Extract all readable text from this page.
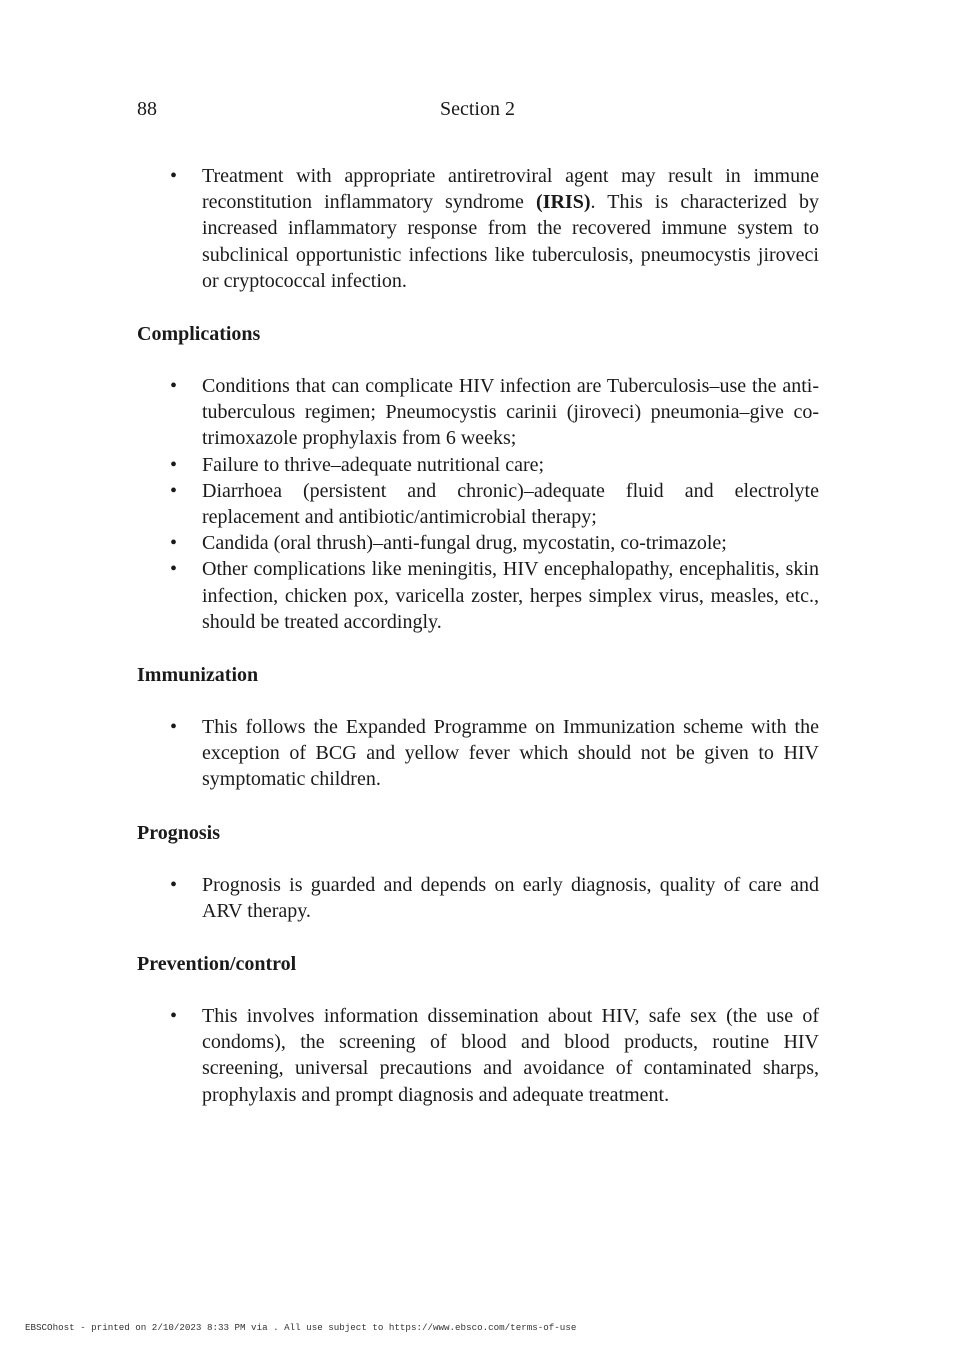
88	Section 2
• Treatment with appropriate antiretroviral agent may result in immune reconstitution inflammatory syndrome (IRIS). This is characterized by increased inflammatory response from the recovered immune system to subclinical opportunistic infections like tuberculosis, pneumocystis jiroveci or cryptococcal infection.
Complications
• Conditions that can complicate HIV infection are Tuberculosis–use the anti-tuberculous regimen; Pneumocystis carinii (jiroveci) pneumonia–give co-trimoxazole prophylaxis from 6 weeks;
• Failure to thrive–adequate nutritional care;
• Diarrhoea (persistent and chronic)–adequate fluid and electrolyte replacement and antibiotic/antimicrobial therapy;
• Candida (oral thrush)–anti-fungal drug, mycostatin, co-trimazole;
• Other complications like meningitis, HIV encephalopathy, encephalitis, skin infection, chicken pox, varicella zoster, herpes simplex virus, measles, etc., should be treated accordingly.
Immunization
• This follows the Expanded Programme on Immunization scheme with the exception of BCG and yellow fever which should not be given to HIV symptomatic children.
Prognosis
• Prognosis is guarded and depends on early diagnosis, quality of care and ARV therapy.
Prevention/control
• This involves information dissemination about HIV, safe sex (the use of condoms), the screening of blood and blood products, routine HIV screening, universal precautions and avoidance of contaminated sharps, prophylaxis and prompt diagnosis and adequate treatment.
EBSCOhost - printed on 2/10/2023 8:33 PM via . All use subject to https://www.ebsco.com/terms-of-use
